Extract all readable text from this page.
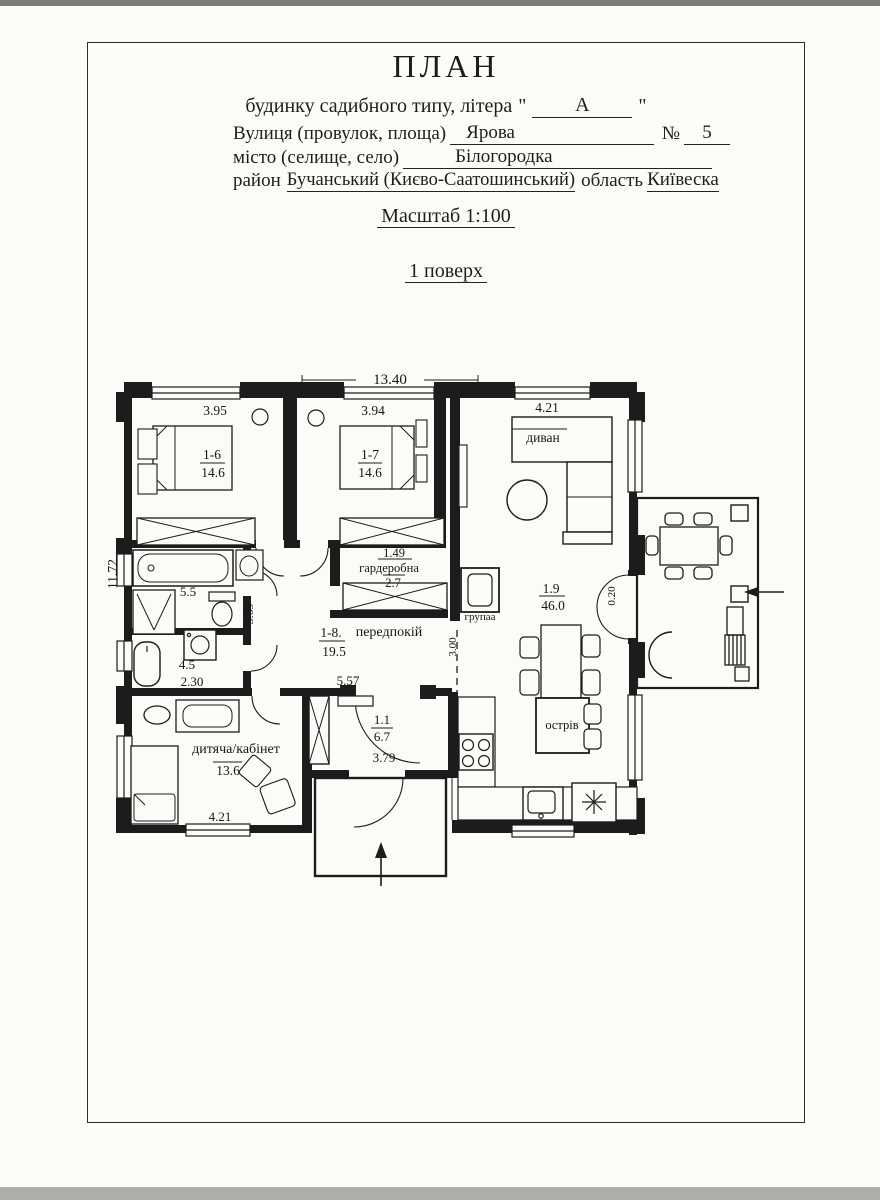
ПЛАН
будинку садибного типу, літера "	А	"
Вулиця (провулок, площа)	Ярова	№	5
місто (селище, село)	Білогородка
район Бучанський (Києво-Саатошинський) область Київеска
Масштаб 1:100
1 поверх
13.40
3.95	3.94	4.21
11.72
1-6
14.6
1-7
14.6
диван
1.9
46.0
групаа
острів
5.5
3.69
4.5
2.30
1.49
гардеробна
2.7
1-8. передпокій
19.5
5.57
3.00
0.20
дитяча/кабінет
13.6
4.21
1.1
6.7
3.79
